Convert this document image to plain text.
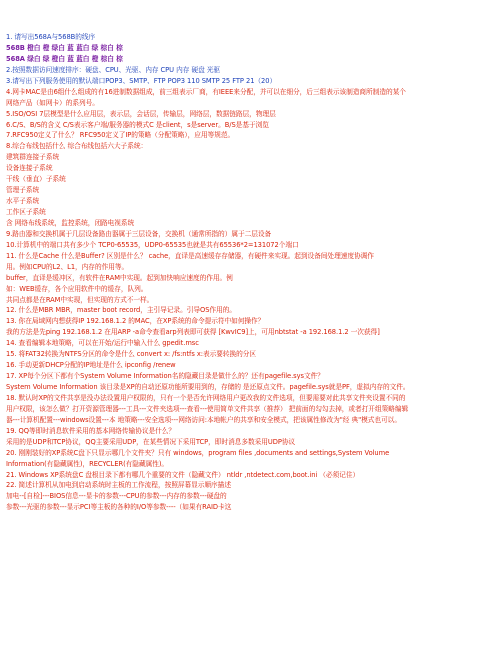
1. 请写出568A与568B的线序
568B 橙白 橙 绿白 蓝 蓝白 绿 棕白 棕
568A 绿白 绿 橙白 蓝 蓝白 橙 棕白 棕
2.按照数据访问速度排序：硬盘、CPU、光驱、内存 CPU 内存 硬盘 光驱
3.请写出下列服务使用的默认端口POP3、SMTP、FTP POP3 110 SMTP 25 FTP 21（20）
4.网卡MAC是由6组什么组成的有16进制数据组成，前三组表示厂商，有IEEE来分配，并可以在细分，后三组表示该制造商所制造的某个
网络产品（如网卡）的系列号。
5.ISO/OSI 7层模型是什么应用层，表示层，会话层，传输层，网络层，数据链路层，物理层
6.C/S、B/S的含义 C/S表示客户端/服务器的模式C 是client，s是server。B/S是基于浏览
7.RFC950定义了什么？ RFC950定义了IP的策略（分配策略），应用等规范。
8.综合布线包括什么 综合布线包括六大子系统：
建筑群连接子系统
设备连接子系统
干线（垂直）子系统
管理子系统
水平子系统
工作区子系统
含 网络布线系统，监控系统，闭路电视系统
9.路由器和交换机属于几层设备路由器属于三层设备，交换机（通常所指的）属于二层设备
10.计算机中的端口共有多少个 TCP0-65535，UDP0-65535也就是共有65536*2=131072个端口
11. 什么是Cache 什么是Buffer? 区别是什么？ cache，直译是高速缓存存储器，有硬件来实现。起到设备间处理速度协调作
用。例如CPU的L2、L1，内存的作用等。
buffer，直译是缓冲区，有软件在RAM中实现。起到加快响应速度的作用。例
如：WEB缓存，各个应用软件中的缓存，队列。
共同点都是在RAM中实现，但实现的方式不一样。
12. 什么是MBR MBR，master boot record，主引导记录。引导OS作用的。
13. 你在局域网内想获得IP 192.168.1.2 的MAC，在XP系统的命令提示符中如何操作？
我的方法是先ping 192.168.1.2 在用ARP -a命令查看arp列表即可获得 [KwvIC9]上，可用nbtstat -a 192.168.1.2 一次获得]
14. 查看编辑本地策略，可以在开始/运行中输入什么 gpedit.msc
15. 将FAT32转换为NTFS分区的命令是什么 convert x: /fs:ntfs x:表示要转换的分区
16. 手动更新DHCP分配的IP地址是什么 ipconfig /renew
17. XP每个分区下都有个System Volume Information名的隐藏目录是做什么的？还有pagefile.sys文件？
System Volume Information 该目录是XP的自动还原功能所要用到的，存储的 是还原点文件。pagefile.sys就是PF，虚拟内存的文件。
18. 默认时XP的文件共享是没办法设置用户权限的，只有一个是否允许网络用户更改我的文件选项，但要需要对此共享文件夹设置不同的
用户权限，该怎么做？打开资源管理器---工具---文件夹选项---查看---使用简单文件共享（推荐） 把前面的勾勾去掉，或者打开组策略编辑
器---计算机配置---windows设置---本 地策略---安全选项---网络访问:本地帐户的共享和安全模式，把该属性修改为"经 典"模式也可以。
19. QQ等即时消息软件采用的基本网络传输协议是什么？
采用的是UDP和TCP协议，QQ主要采用UDP，在某些情况下采用TCP，即时消息多数采用UDP协议
20. 刚刚装好的XP系统C盘下只显示哪几个文件夹？只有 windows，program files ,documents and settings,System Volume
Information(有隐藏属性)，RECYCLER(有隐藏属性)。
21. Windows XP系统盘C 盘根目录下都有哪几个重要的文件（隐藏文件） ntldr ,ntdetect.com,boot.ini （必须记住）
22. 简述计算机从加电到启动系统时主板的工作流程，按照屏幕显示顺序描述
加电--[自检]---BIOS信息---显卡的参数---CPU的参数---内存的参数---硬盘的
参数---光驱的参数---显示PCI等主板的各种的I/O等参数----（如果有RAID卡这
